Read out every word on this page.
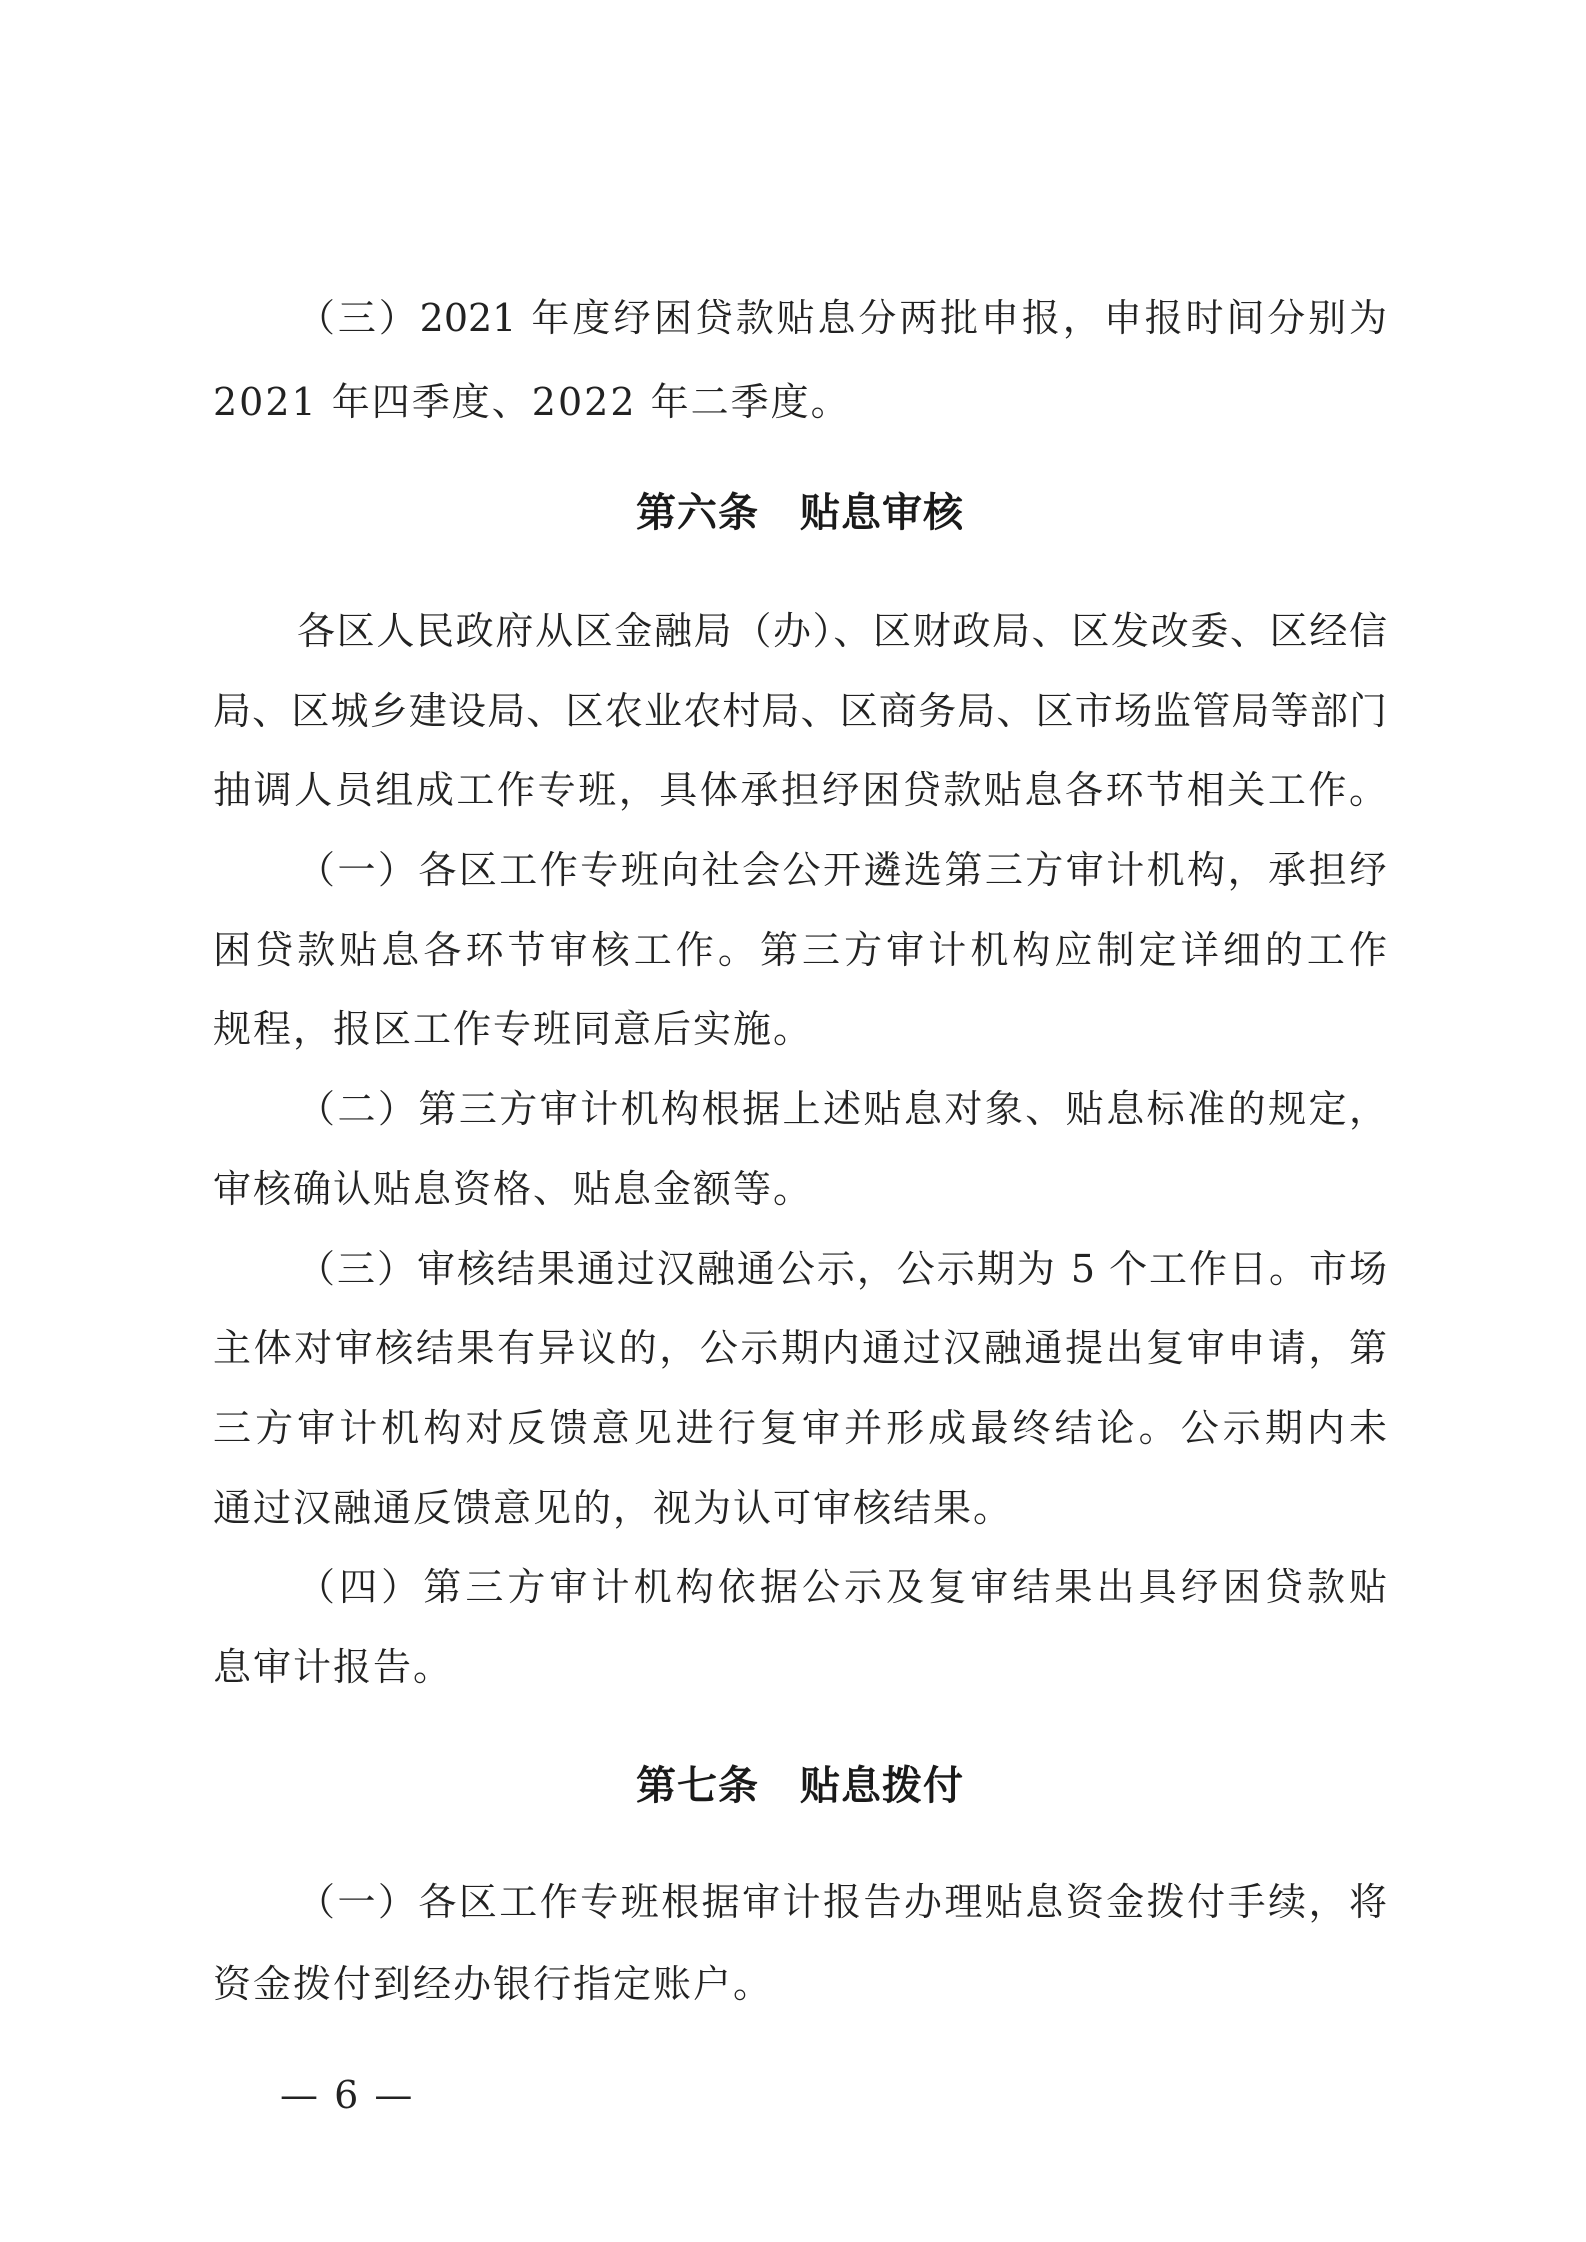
（三）2021 年度纾困贷款贴息分两批申报，申报时间分别为
2021 年四季度、2022 年二季度。
第六条　贴息审核
各区人民政府从区金融局（办）、区财政局、区发改委、区经信
局、区城乡建设局、区农业农村局、区商务局、区市场监管局等部门
抽调人员组成工作专班，具体承担纾困贷款贴息各环节相关工作。
（一）各区工作专班向社会公开遴选第三方审计机构，承担纾
困贷款贴息各环节审核工作。第三方审计机构应制定详细的工作
规程，报区工作专班同意后实施。
（二）第三方审计机构根据上述贴息对象、贴息标准的规定，
审核确认贴息资格、贴息金额等。
（三）审核结果通过汉融通公示，公示期为 5 个工作日。市场
主体对审核结果有异议的，公示期内通过汉融通提出复审申请，第
三方审计机构对反馈意见进行复审并形成最终结论。公示期内未
通过汉融通反馈意见的，视为认可审核结果。
（四）第三方审计机构依据公示及复审结果出具纾困贷款贴
息审计报告。
第七条　贴息拨付
（一）各区工作专班根据审计报告办理贴息资金拨付手续，将
资金拨付到经办银行指定账户。
— 6 —
